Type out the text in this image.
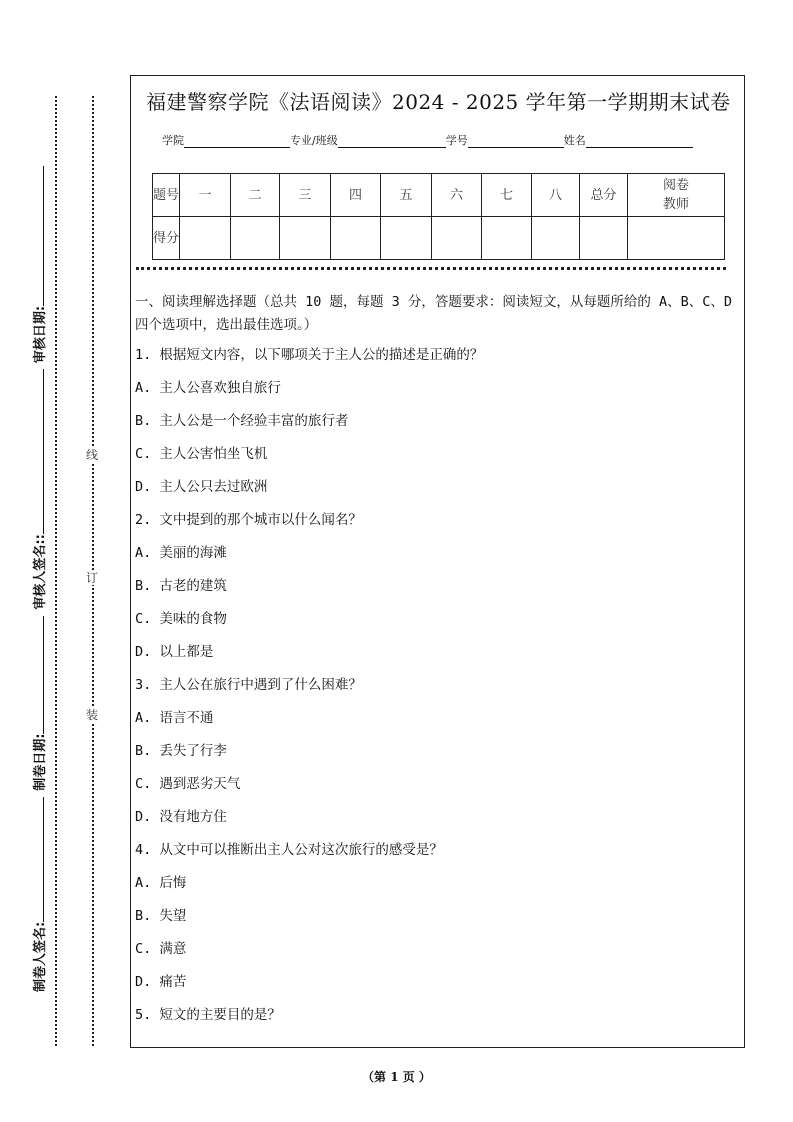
装
订
线
制卷人签名:
制卷日期:
审核人签名::
审核日期:
福建警察学院《法语阅读》2024 - 2025 学年第一学期期末试卷
学院	专业/班级	学号	姓名
题号	一	二	三	四	五	六	七	八	总分	阅卷教师
得分										
一、阅读理解选择题（总共 10 题，每题 3 分，答题要求：阅读短文，从每题所给的 A、B、C、D 四个选项中，选出最佳选项。）
1. 根据短文内容，以下哪项关于主人公的描述是正确的？
A. 主人公喜欢独自旅行
B. 主人公是一个经验丰富的旅行者
C. 主人公害怕坐飞机
D. 主人公只去过欧洲
2. 文中提到的那个城市以什么闻名？
A. 美丽的海滩
B. 古老的建筑
C. 美味的食物
D. 以上都是
3. 主人公在旅行中遇到了什么困难？
A. 语言不通
B. 丢失了行李
C. 遇到恶劣天气
D. 没有地方住
4. 从文中可以推断出主人公对这次旅行的感受是？
A. 后悔
B. 失望
C. 满意
D. 痛苦
5. 短文的主要目的是？
（第 1 页 ）
